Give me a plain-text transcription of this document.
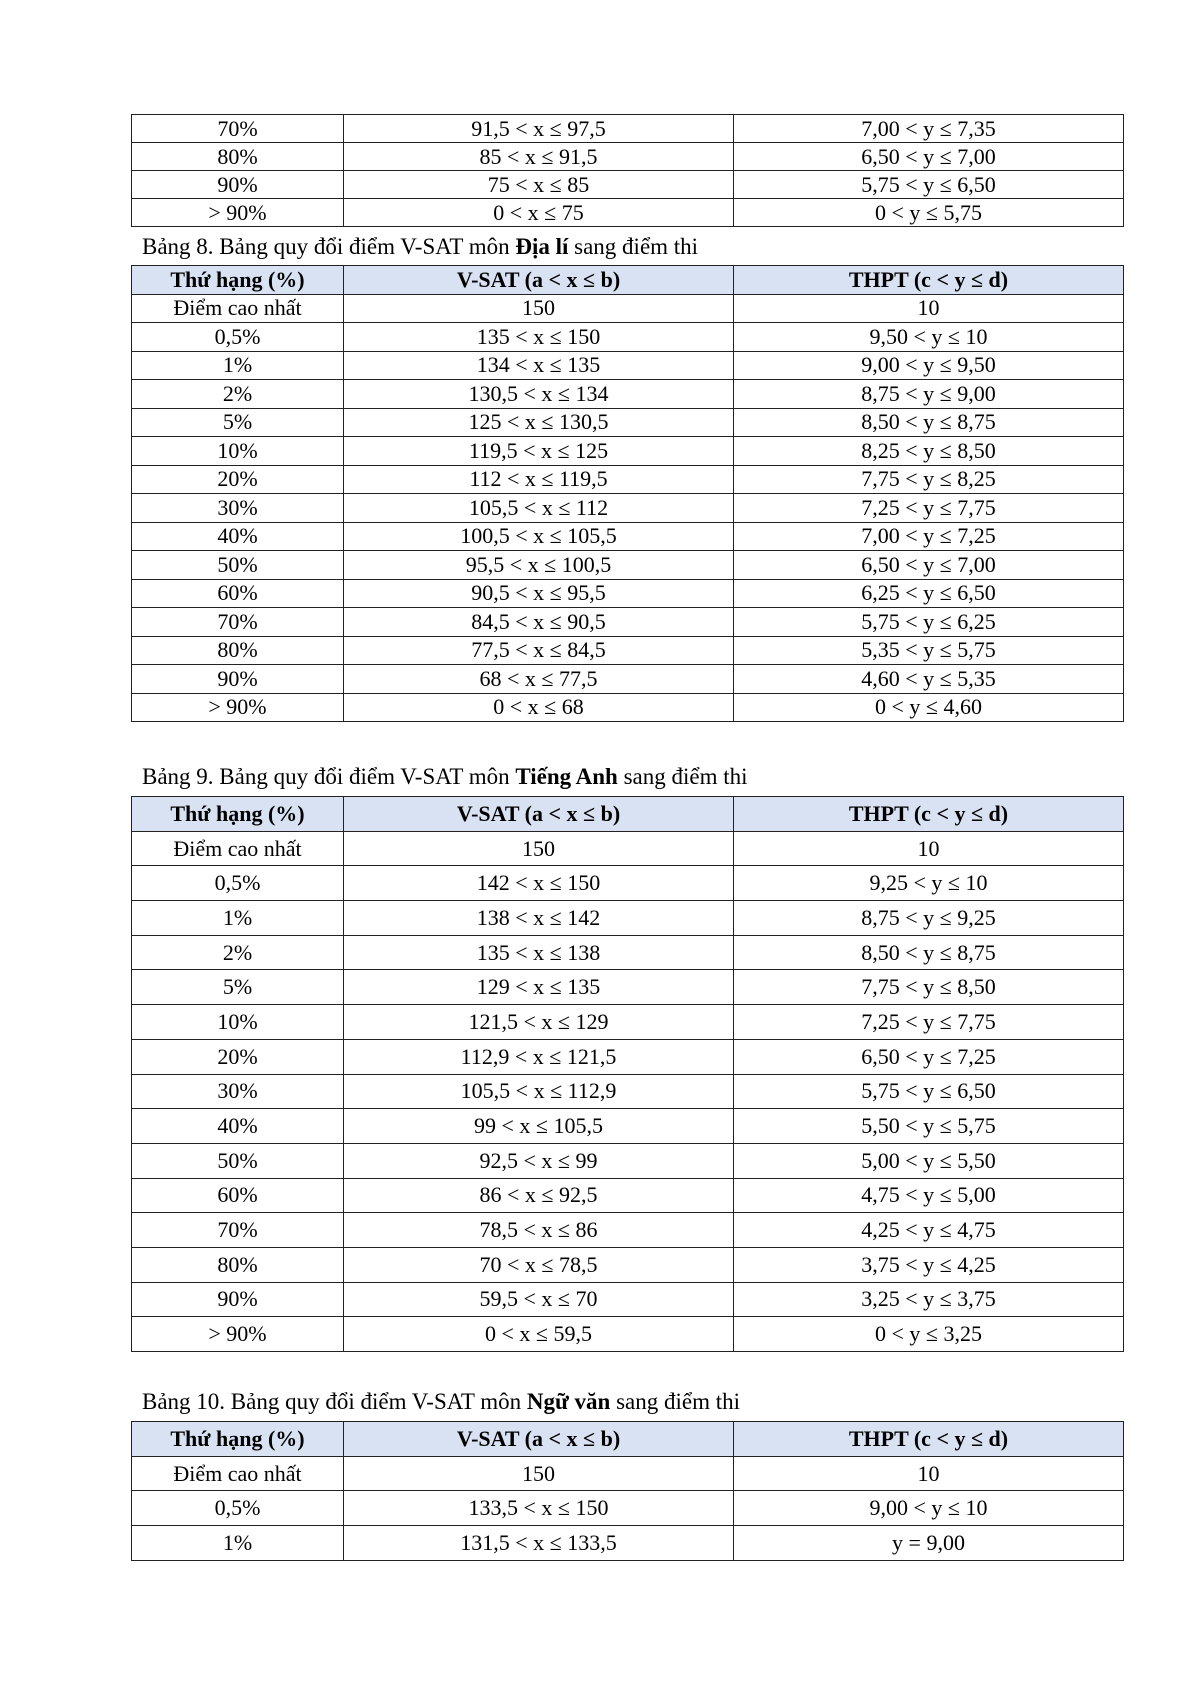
70%	91,5 < x ≤ 97,5	7,00 < y ≤ 7,35
80%	85 < x ≤ 91,5	6,50 < y ≤ 7,00
90%	75 < x ≤ 85	5,75 < y ≤ 6,50
> 90%	0 < x ≤ 75	0 < y ≤ 5,75
Bảng 8. Bảng quy đổi điểm V-SAT môn Địa lí sang điểm thi
Thứ hạng (%)	V-SAT (a < x ≤ b)	THPT (c < y ≤ d)
Điểm cao nhất	150	10
0,5%	135 < x ≤ 150	9,50 < y ≤ 10
1%	134 < x ≤ 135	9,00 < y ≤ 9,50
2%	130,5 < x ≤ 134	8,75 < y ≤ 9,00
5%	125 < x ≤ 130,5	8,50 < y ≤ 8,75
10%	119,5 < x ≤ 125	8,25 < y ≤ 8,50
20%	112 < x ≤ 119,5	7,75 < y ≤ 8,25
30%	105,5 < x ≤ 112	7,25 < y ≤ 7,75
40%	100,5 < x ≤ 105,5	7,00 < y ≤ 7,25
50%	95,5 < x ≤ 100,5	6,50 < y ≤ 7,00
60%	90,5 < x ≤ 95,5	6,25 < y ≤ 6,50
70%	84,5 < x ≤ 90,5	5,75 < y ≤ 6,25
80%	77,5 < x ≤ 84,5	5,35 < y ≤ 5,75
90%	68 < x ≤ 77,5	4,60 < y ≤ 5,35
> 90%	0 < x ≤ 68	0 < y ≤ 4,60
Bảng 9. Bảng quy đổi điểm V-SAT môn Tiếng Anh sang điểm thi
Thứ hạng (%)	V-SAT (a < x ≤ b)	THPT (c < y ≤ d)
Điểm cao nhất	150	10
0,5%	142 < x ≤ 150	9,25 < y ≤ 10
1%	138 < x ≤ 142	8,75 < y ≤ 9,25
2%	135 < x ≤ 138	8,50 < y ≤ 8,75
5%	129 < x ≤ 135	7,75 < y ≤ 8,50
10%	121,5 < x ≤ 129	7,25 < y ≤ 7,75
20%	112,9 < x ≤ 121,5	6,50 < y ≤ 7,25
30%	105,5 < x ≤ 112,9	5,75 < y ≤ 6,50
40%	99 < x ≤ 105,5	5,50 < y ≤ 5,75
50%	92,5 < x ≤ 99	5,00 < y ≤ 5,50
60%	86 < x ≤ 92,5	4,75 < y ≤ 5,00
70%	78,5 < x ≤ 86	4,25 < y ≤ 4,75
80%	70 < x ≤ 78,5	3,75 < y ≤ 4,25
90%	59,5 < x ≤ 70	3,25 < y ≤ 3,75
> 90%	0 < x ≤ 59,5	0 < y ≤ 3,25
Bảng 10. Bảng quy đổi điểm V-SAT môn Ngữ văn sang điểm thi
Thứ hạng (%)	V-SAT (a < x ≤ b)	THPT (c < y ≤ d)
Điểm cao nhất	150	10
0,5%	133,5 < x ≤ 150	9,00 < y ≤ 10
1%	131,5 < x ≤ 133,5	y = 9,00
